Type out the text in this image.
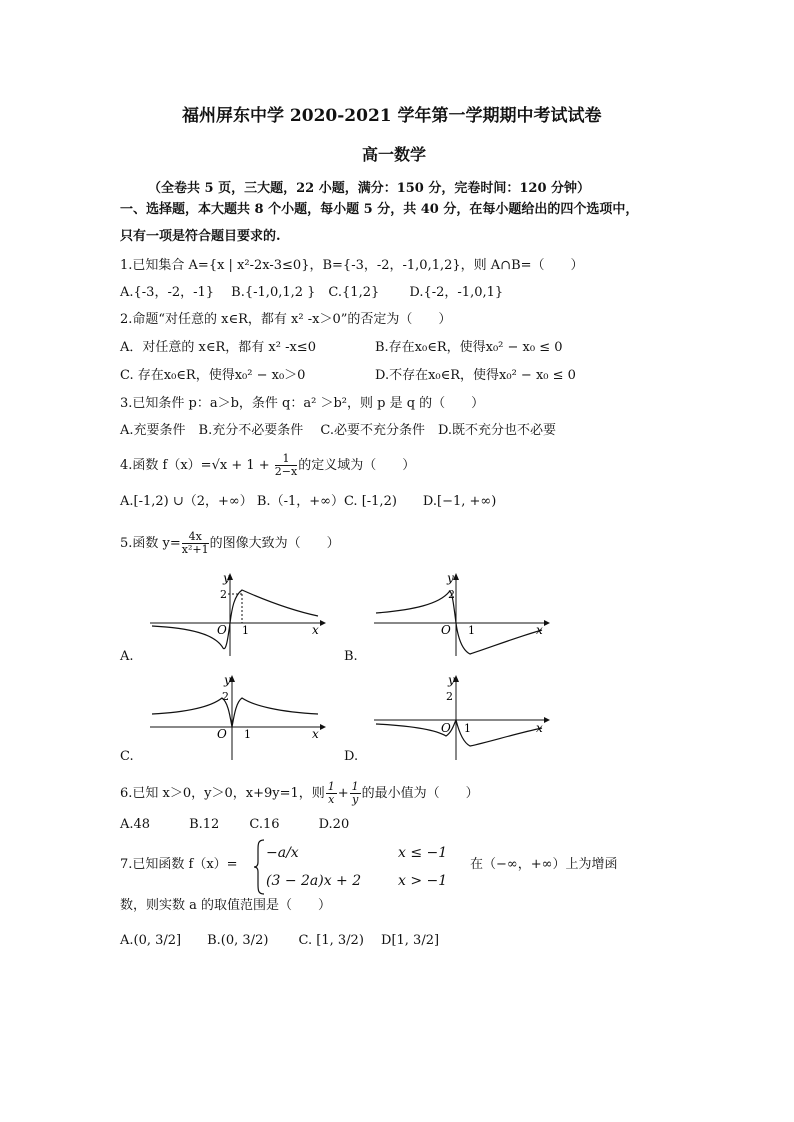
福州屏东中学 2020-2021 学年第一学期期中考试试卷
高一数学
（全卷共 5 页，三大题，22 小题，满分：150 分，完卷时间：120 分钟）
一、选择题，本大题共 8 个小题，每小题 5 分，共 40 分，在每小题给出的四个选项中，
只有一项是符合题目要求的.
1.已知集合 A={x | x²-2x-3≤0}，B={-3，-2，-1,0,1,2}，则 A∩B=（　　）
A.{-3，-2，-1}　 B.{-1,0,1,2 }　C.{1,2}　　 D.{-2，-1,0,1}
2.命题“对任意的 x∈R，都有 x² -x＞0”的否定为（　　）
A．对任意的 x∈R，都有 x² -x≤0	B.存在x₀∈R，使得x₀² − x₀ ≤ 0
C. 存在x₀∈R，使得x₀² − x₀＞0	D.不存在x₀∈R，使得x₀² − x₀ ≤ 0
3.已知条件 p：a＞b，条件 q：a² ＞b²，则 p 是 q 的（　　）
A.充要条件　B.充分不必要条件　 C.必要不充分条件　D.既不充分也不必要
4.函数 $f(x)=√x + 1 + \frac{1}{2-x}$ 的定义域为（　　）
A.[-1,2) ∪（2，+∞） B.（-1，+∞）C. [-1,2)　　D.[−1, +∞)
5.函数 $y= \frac{4x}{\text{x²+1}}$ 的图像大致为（　　）
y
2
O 1	x
A.
y
2
O 1	x
B.
y
2
O 1	x
C.
y
2
O 1	x
D.
6.已知 x＞0，y＞0，x+9y=1，则 $\frac{1}{x} + \frac{1}{y}$ 的最小值为（　　）
A.48　　　B.12　　 C.16　　　D.20
7.已知函数 f（x）=
−a/x	x ≤ −1
(3 − 2a)x + 2	x > −1
在（−∞，+∞）上为增函
数，则实数 a 的取值范围是（　　）
A.(0, 3/2]　　B.(0, 3/2)　　 C. [1, 3/2)　 D[1, 3/2]
